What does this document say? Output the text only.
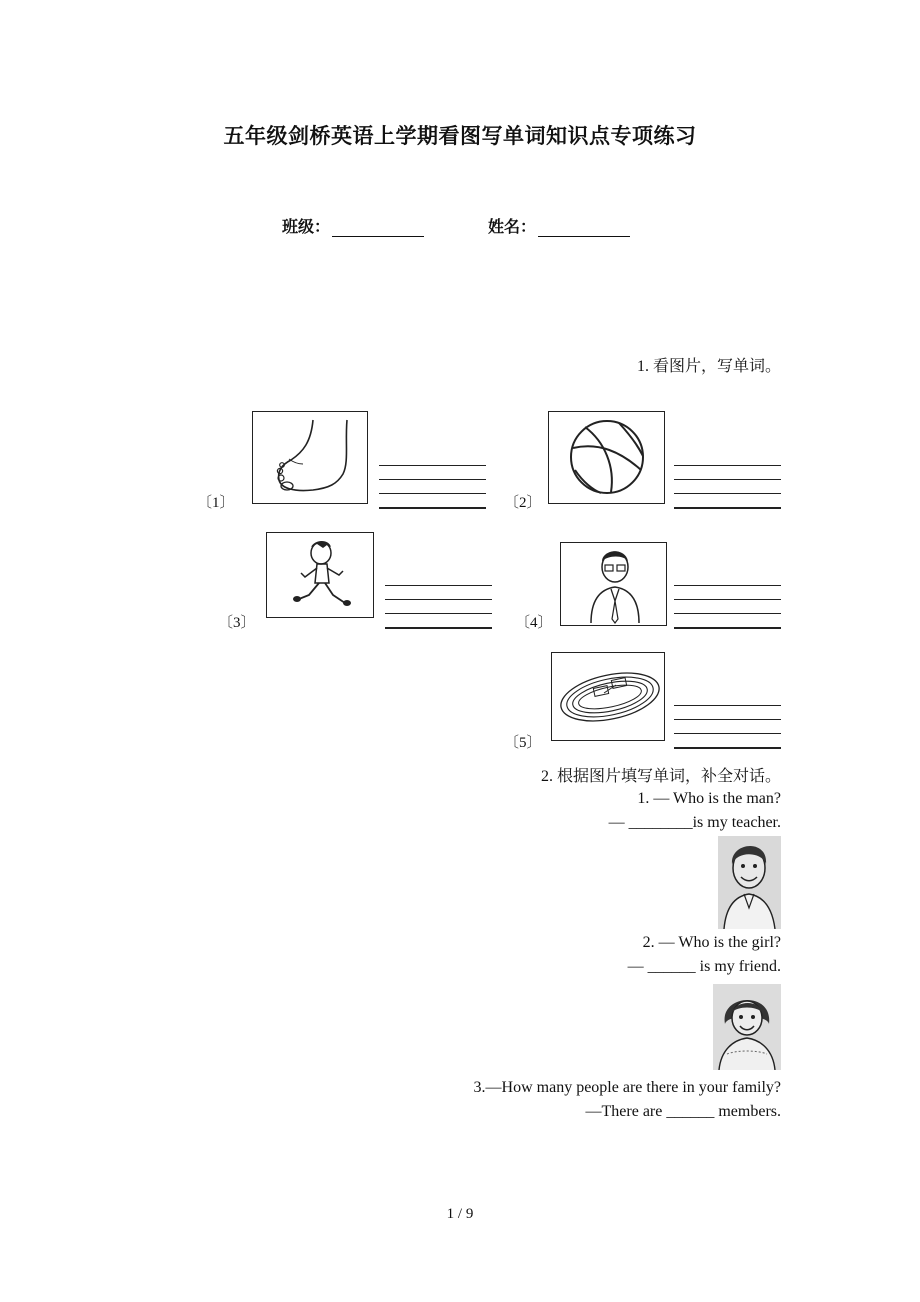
五年级剑桥英语上学期看图写单词知识点专项练习
班级：	姓名：
1. 看图片，写单词。
〔1〕	〔2〕
〔3〕	〔4〕
〔5〕
2. 根据图片填写单词，补全对话。
1. — Who is the man?
— ________is my teacher.
2. — Who is the girl?
— ______ is my friend.
3.—How many people are there in your family?
—There are ______ members.
1 / 9
